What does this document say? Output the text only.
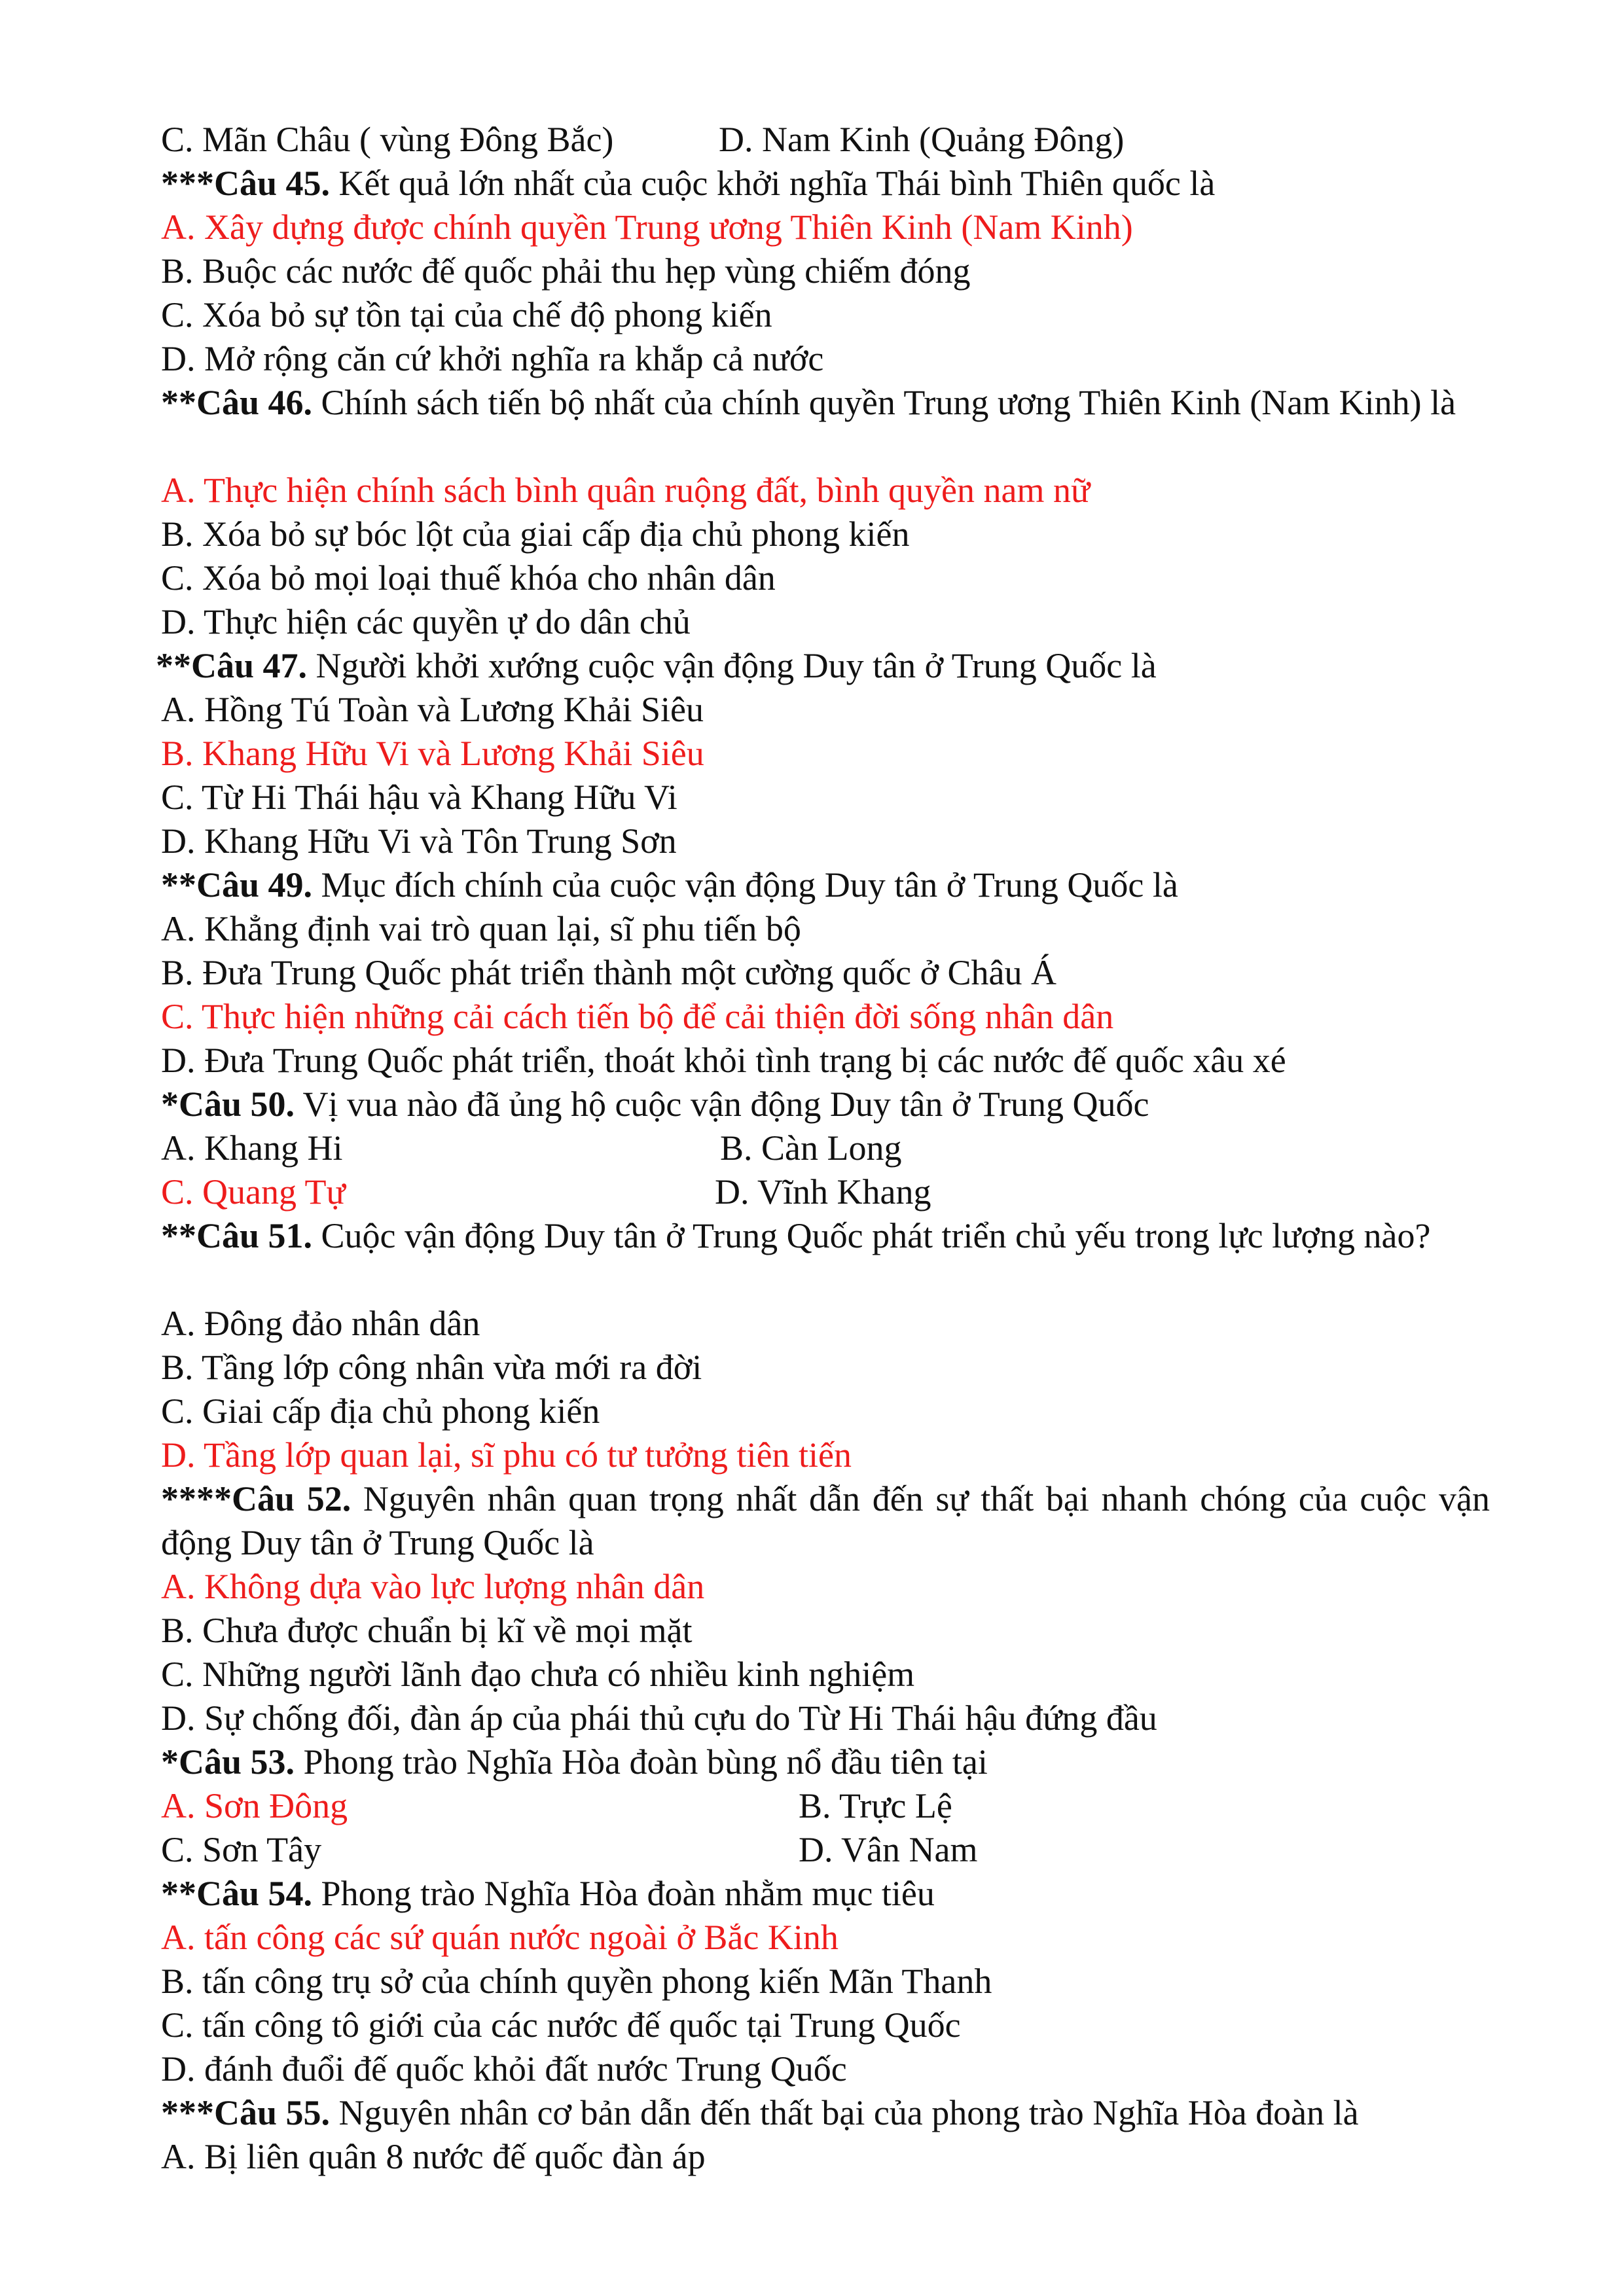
C. Mãn Châu ( vùng Đông Bắc)	D. Nam Kinh (Quảng Đông)
***Câu 45. Kết quả lớn nhất của cuộc khởi nghĩa Thái bình Thiên quốc là
A. Xây dựng được chính quyền Trung ương Thiên Kinh (Nam Kinh)
B. Buộc các nước đế quốc phải thu hẹp vùng chiếm đóng
C. Xóa bỏ sự tồn tại của chế độ phong kiến
D. Mở rộng căn cứ khởi nghĩa ra khắp cả nước
**Câu 46. Chính sách tiến bộ nhất của chính quyền Trung ương Thiên Kinh (Nam Kinh) là
A. Thực hiện chính sách bình quân ruộng đất, bình quyền nam nữ
B. Xóa bỏ sự bóc lột của giai cấp địa chủ phong kiến
C. Xóa bỏ mọi loại thuế khóa cho nhân dân
D. Thực hiện các quyền ự do dân chủ
**Câu 47. Người khởi xướng cuộc vận động Duy tân ở Trung Quốc là
A. Hồng Tú Toàn và Lương Khải Siêu
B. Khang Hữu Vi và Lương Khải Siêu
C. Từ Hi Thái hậu và Khang Hữu Vi
D. Khang Hữu Vi và Tôn Trung Sơn
**Câu 49. Mục đích chính của cuộc vận động Duy tân ở Trung Quốc là
A. Khẳng định vai trò quan lại, sĩ phu tiến bộ
B. Đưa Trung Quốc phát triển thành một cường quốc ở Châu Á
C. Thực hiện những cải cách tiến bộ để cải thiện đời sống nhân dân
D. Đưa Trung Quốc phát triển, thoát khỏi tình trạng bị các nước đế quốc xâu xé
*Câu 50. Vị vua nào đã ủng hộ cuộc vận động Duy tân ở Trung Quốc
A. Khang Hi	B. Càn Long
C. Quang Tự	D. Vĩnh Khang
**Câu 51. Cuộc vận động Duy tân ở Trung Quốc phát triển chủ yếu trong lực lượng nào?
A. Đông đảo nhân dân
B. Tầng lớp công nhân vừa mới ra đời
C. Giai cấp địa chủ phong kiến
D. Tầng lớp quan lại, sĩ phu có tư tưởng tiên tiến
****Câu 52. Nguyên nhân quan trọng nhất dẫn đến sự thất bại nhanh chóng của cuộc vận động Duy tân ở Trung Quốc là
A. Không dựa vào lực lượng nhân dân
B. Chưa được chuẩn bị kĩ về mọi mặt
C. Những người lãnh đạo chưa có nhiều kinh nghiệm
D. Sự chống đối, đàn áp của phái thủ cựu do Từ Hi Thái hậu đứng đầu
*Câu 53. Phong trào Nghĩa Hòa đoàn bùng nổ đầu tiên tại
A. Sơn Đông	B. Trực Lệ
C. Sơn Tây	D. Vân Nam
**Câu 54. Phong trào Nghĩa Hòa đoàn nhằm mục tiêu
A. tấn công các sứ quán nước ngoài ở Bắc Kinh
B. tấn công trụ sở của chính quyền phong kiến Mãn Thanh
C. tấn công tô giới của các nước đế quốc tại Trung Quốc
D. đánh đuổi đế quốc khỏi đất nước Trung Quốc
***Câu 55. Nguyên nhân cơ bản dẫn đến thất bại của phong trào Nghĩa Hòa đoàn là
A. Bị liên quân 8 nước đế quốc đàn áp
